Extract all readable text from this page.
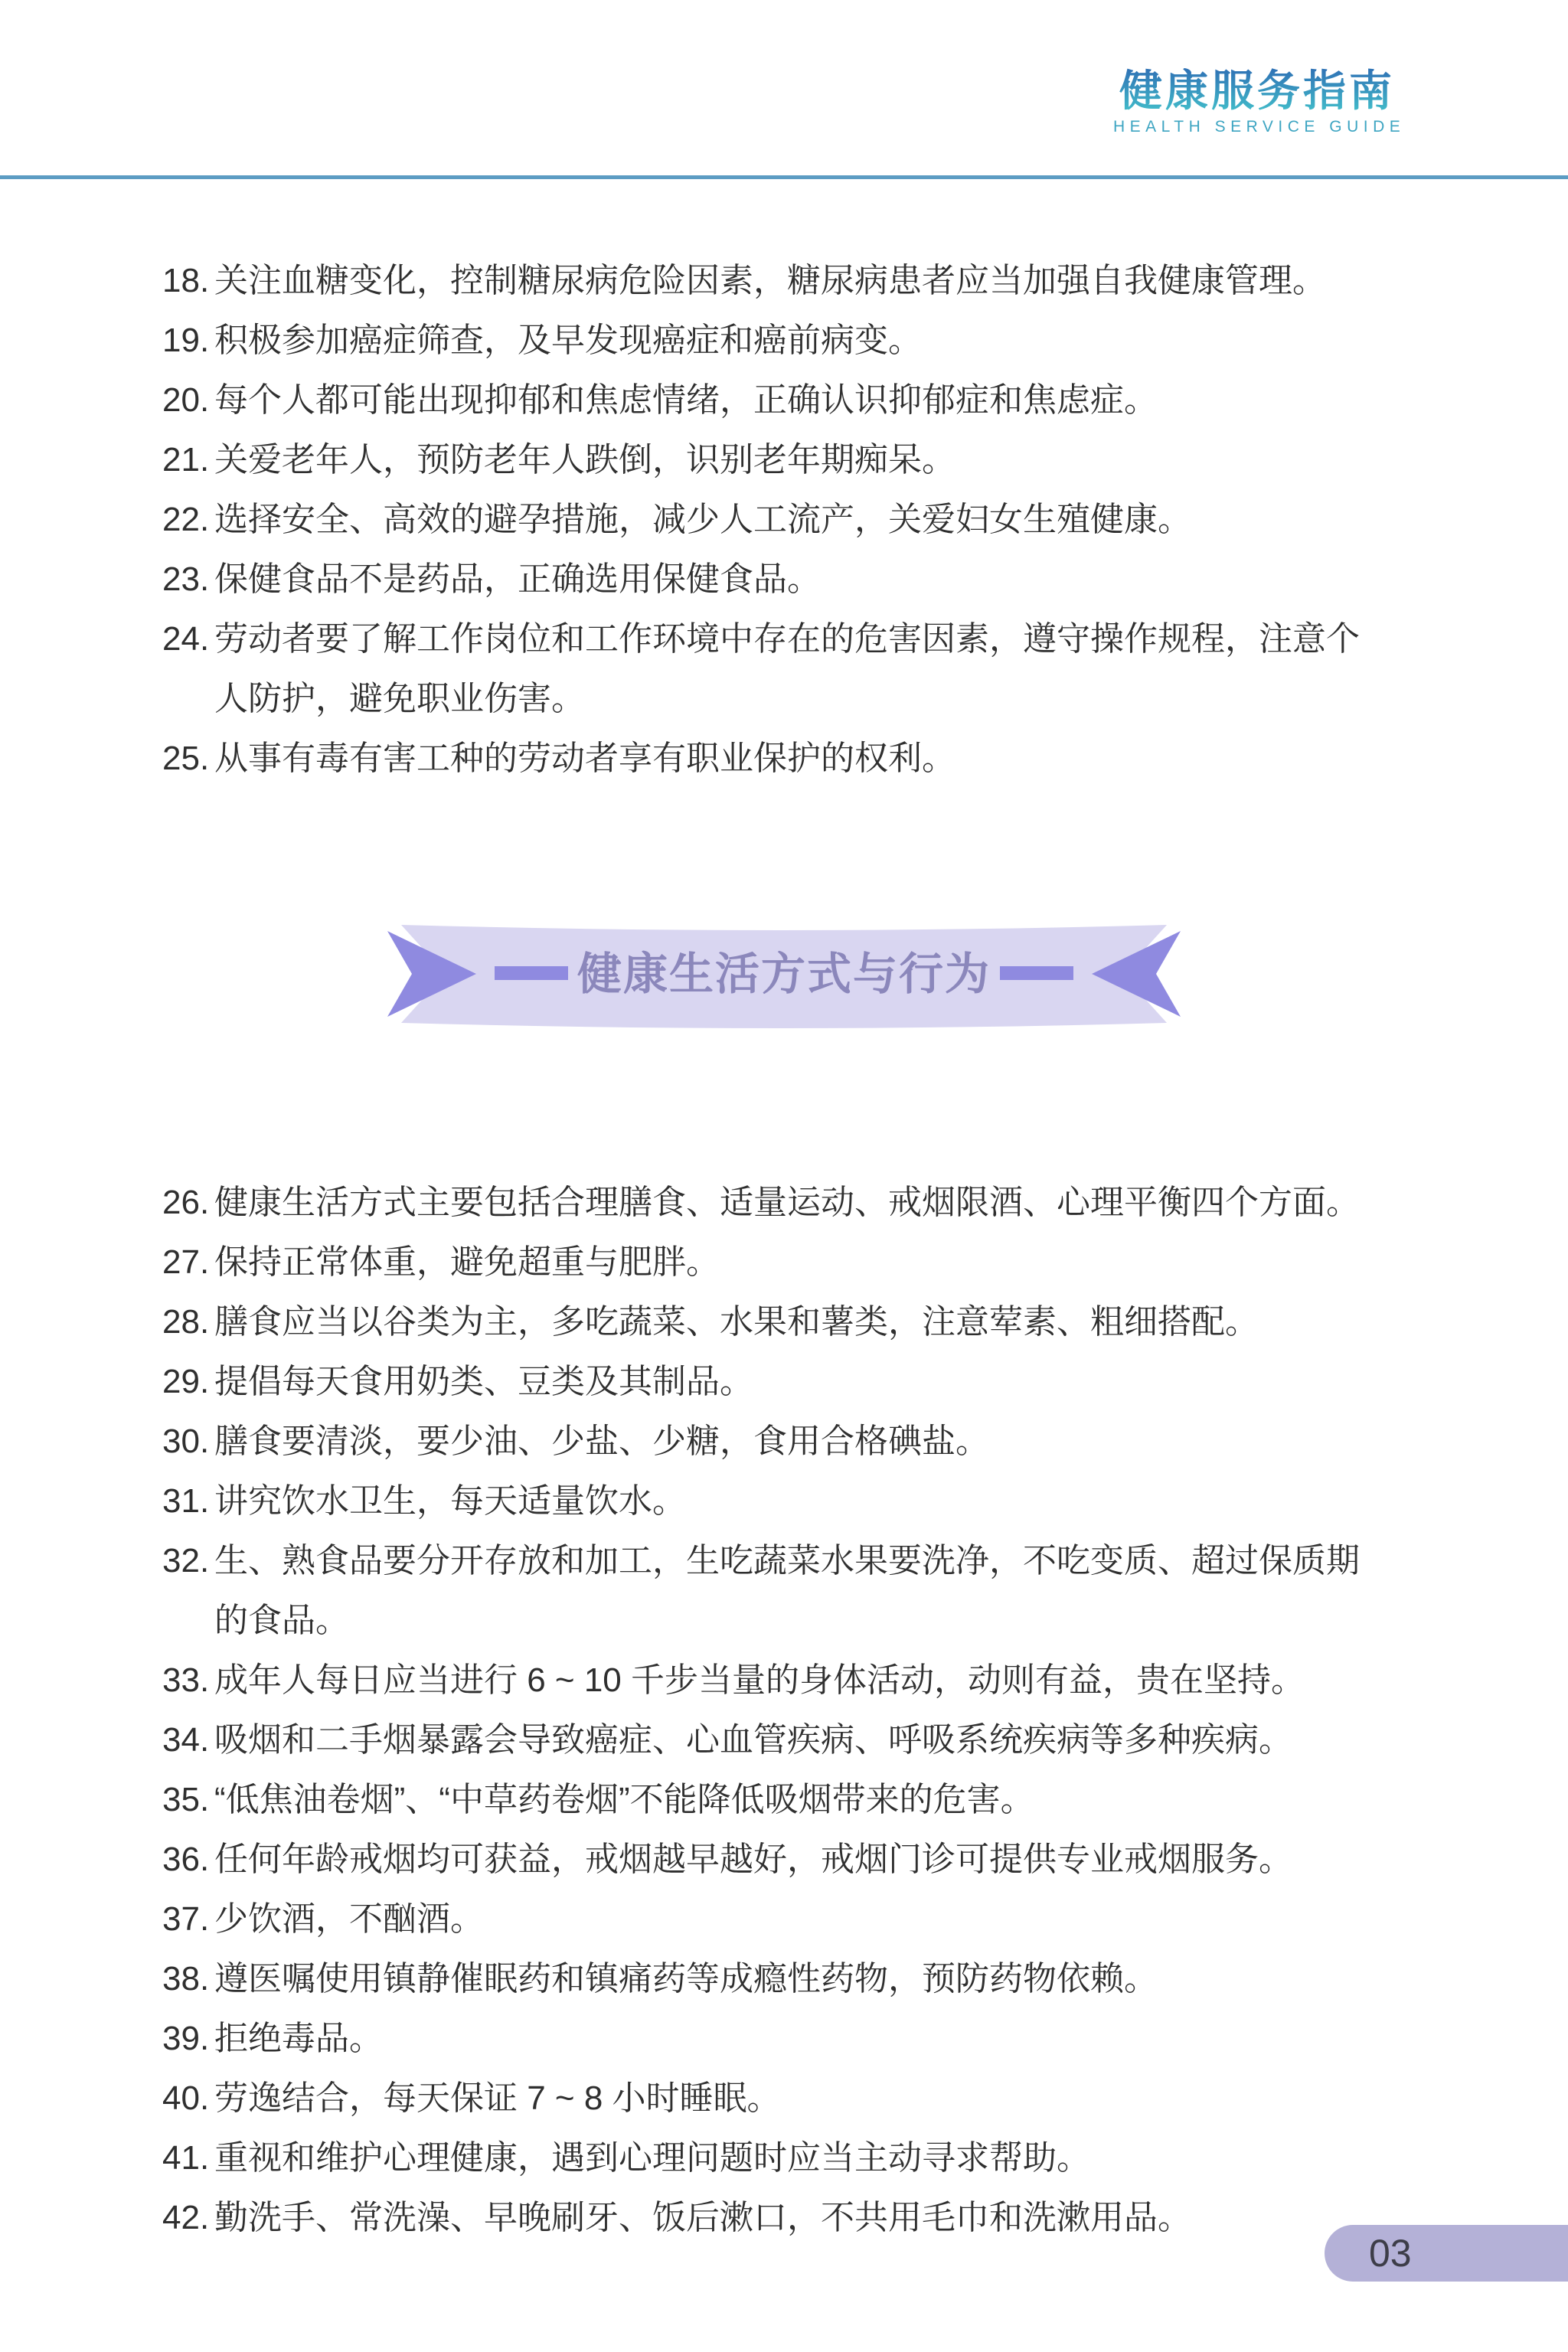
健康服务指南
HEALTH SERVICE GUIDE
18. 关注血糖变化，控制糖尿病危险因素，糖尿病患者应当加强自我健康管理。
19. 积极参加癌症筛查，及早发现癌症和癌前病变。
20. 每个人都可能出现抑郁和焦虑情绪，正确认识抑郁症和焦虑症。
21. 关爱老年人，预防老年人跌倒，识别老年期痴呆。
22. 选择安全、高效的避孕措施，减少人工流产，关爱妇女生殖健康。
23. 保健食品不是药品，正确选用保健食品。
24. 劳动者要了解工作岗位和工作环境中存在的危害因素，遵守操作规程，注意个
人防护，避免职业伤害。
25. 从事有毒有害工种的劳动者享有职业保护的权利。
健康生活方式与行为
26. 健康生活方式主要包括合理膳食、适量运动、戒烟限酒、心理平衡四个方面。
27. 保持正常体重，避免超重与肥胖。
28. 膳食应当以谷类为主，多吃蔬菜、水果和薯类，注意荤素、粗细搭配。
29. 提倡每天食用奶类、豆类及其制品。
30. 膳食要清淡，要少油、少盐、少糖，食用合格碘盐。
31. 讲究饮水卫生，每天适量饮水。
32. 生、熟食品要分开存放和加工，生吃蔬菜水果要洗净，不吃变质、超过保质期
的食品。
33. 成年人每日应当进行 6 ~ 10 千步当量的身体活动，动则有益，贵在坚持。
34. 吸烟和二手烟暴露会导致癌症、心血管疾病、呼吸系统疾病等多种疾病。
35. “低焦油卷烟”、“中草药卷烟”不能降低吸烟带来的危害。
36. 任何年龄戒烟均可获益，戒烟越早越好，戒烟门诊可提供专业戒烟服务。
37. 少饮酒，不酗酒。
38. 遵医嘱使用镇静催眠药和镇痛药等成瘾性药物，预防药物依赖。
39. 拒绝毒品。
40. 劳逸结合，每天保证 7 ~ 8 小时睡眠。
41. 重视和维护心理健康，遇到心理问题时应当主动寻求帮助。
42. 勤洗手、常洗澡、早晚刷牙、饭后漱口，不共用毛巾和洗漱用品。
03
